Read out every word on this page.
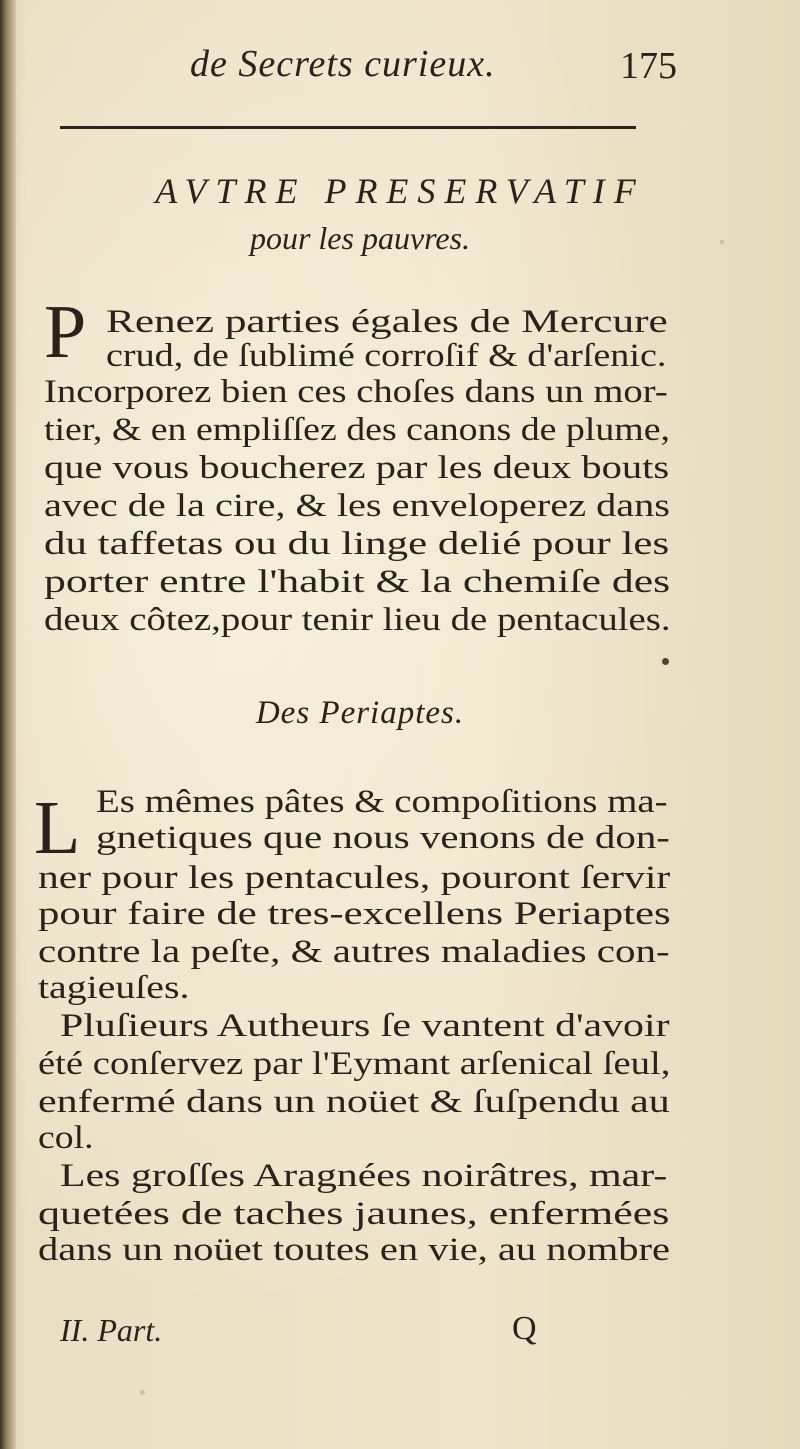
de Secrets curieux.	175
AVTRE PRESERVATIF
pour les pauvres.
P
Des Periaptes.
L
Renez parties égales de Mercure
crud, de ſublimé corroſif & d'arſenic.
Incorporez bien ces choſes dans un mor-
tier, & en empliſſez des canons de plume,
que vous boucherez par les deux bouts
avec de la cire, & les enveloperez dans
du taffetas ou du linge delié pour les
porter entre l'habit & la chemiſe des
deux côtez,pour tenir lieu de pentacules.
Es mêmes pâtes & compoſitions ma-
gnetiques que nous venons de don-
ner pour les pentacules, pouront ſervir
pour faire de tres-excellens Periaptes
contre la peſte, & autres maladies con-
tagieuſes.
Pluſieurs Autheurs ſe vantent d'avoir
été conſervez par l'Eymant arſenical ſeul,
enfermé dans un noüet & ſuſpendu au
col.
Les groſſes Aragnées noirâtres, mar-
quetées de taches jaunes, enfermées
dans un noüet toutes en vie, au nombre
II. Part.	Q
